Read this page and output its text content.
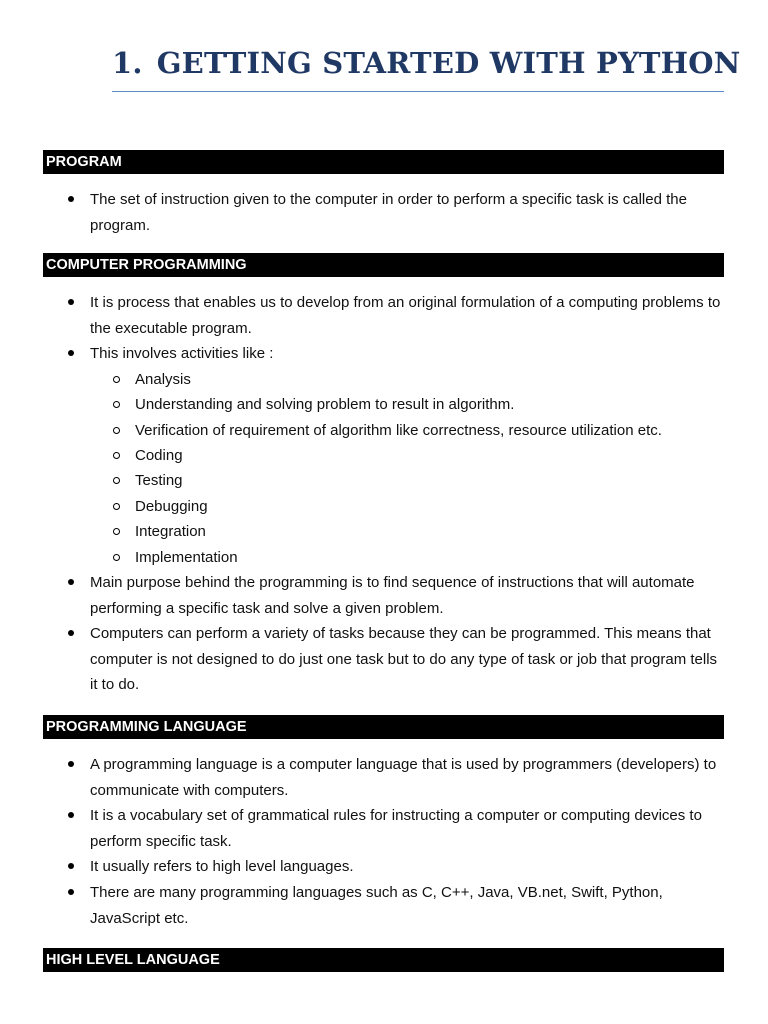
1. GETTING STARTED WITH PYTHON
PROGRAM
The set of instruction given to the computer in order to perform a specific task is called the program.
COMPUTER PROGRAMMING
It is process that enables us to develop from an original formulation of a computing problems to the executable program.
This involves activities like :
Analysis
Understanding and solving problem to result in algorithm.
Verification of requirement of algorithm like correctness, resource utilization etc.
Coding
Testing
Debugging
Integration
Implementation
Main purpose behind the programming is to find sequence of instructions that will automate performing a specific task and solve a given problem.
Computers can perform a variety of tasks because they can be programmed. This means that computer is not designed to do just one task but to do any type of task or job that program tells it to do.
PROGRAMMING LANGUAGE
A programming language is a computer language that is used by programmers (developers) to communicate with computers.
It is a vocabulary set of grammatical rules for instructing a computer or computing devices to perform specific task.
It usually refers to high level languages.
There are many programming languages such as C, C++, Java, VB.net, Swift, Python, JavaScript etc.
HIGH LEVEL LANGUAGE
